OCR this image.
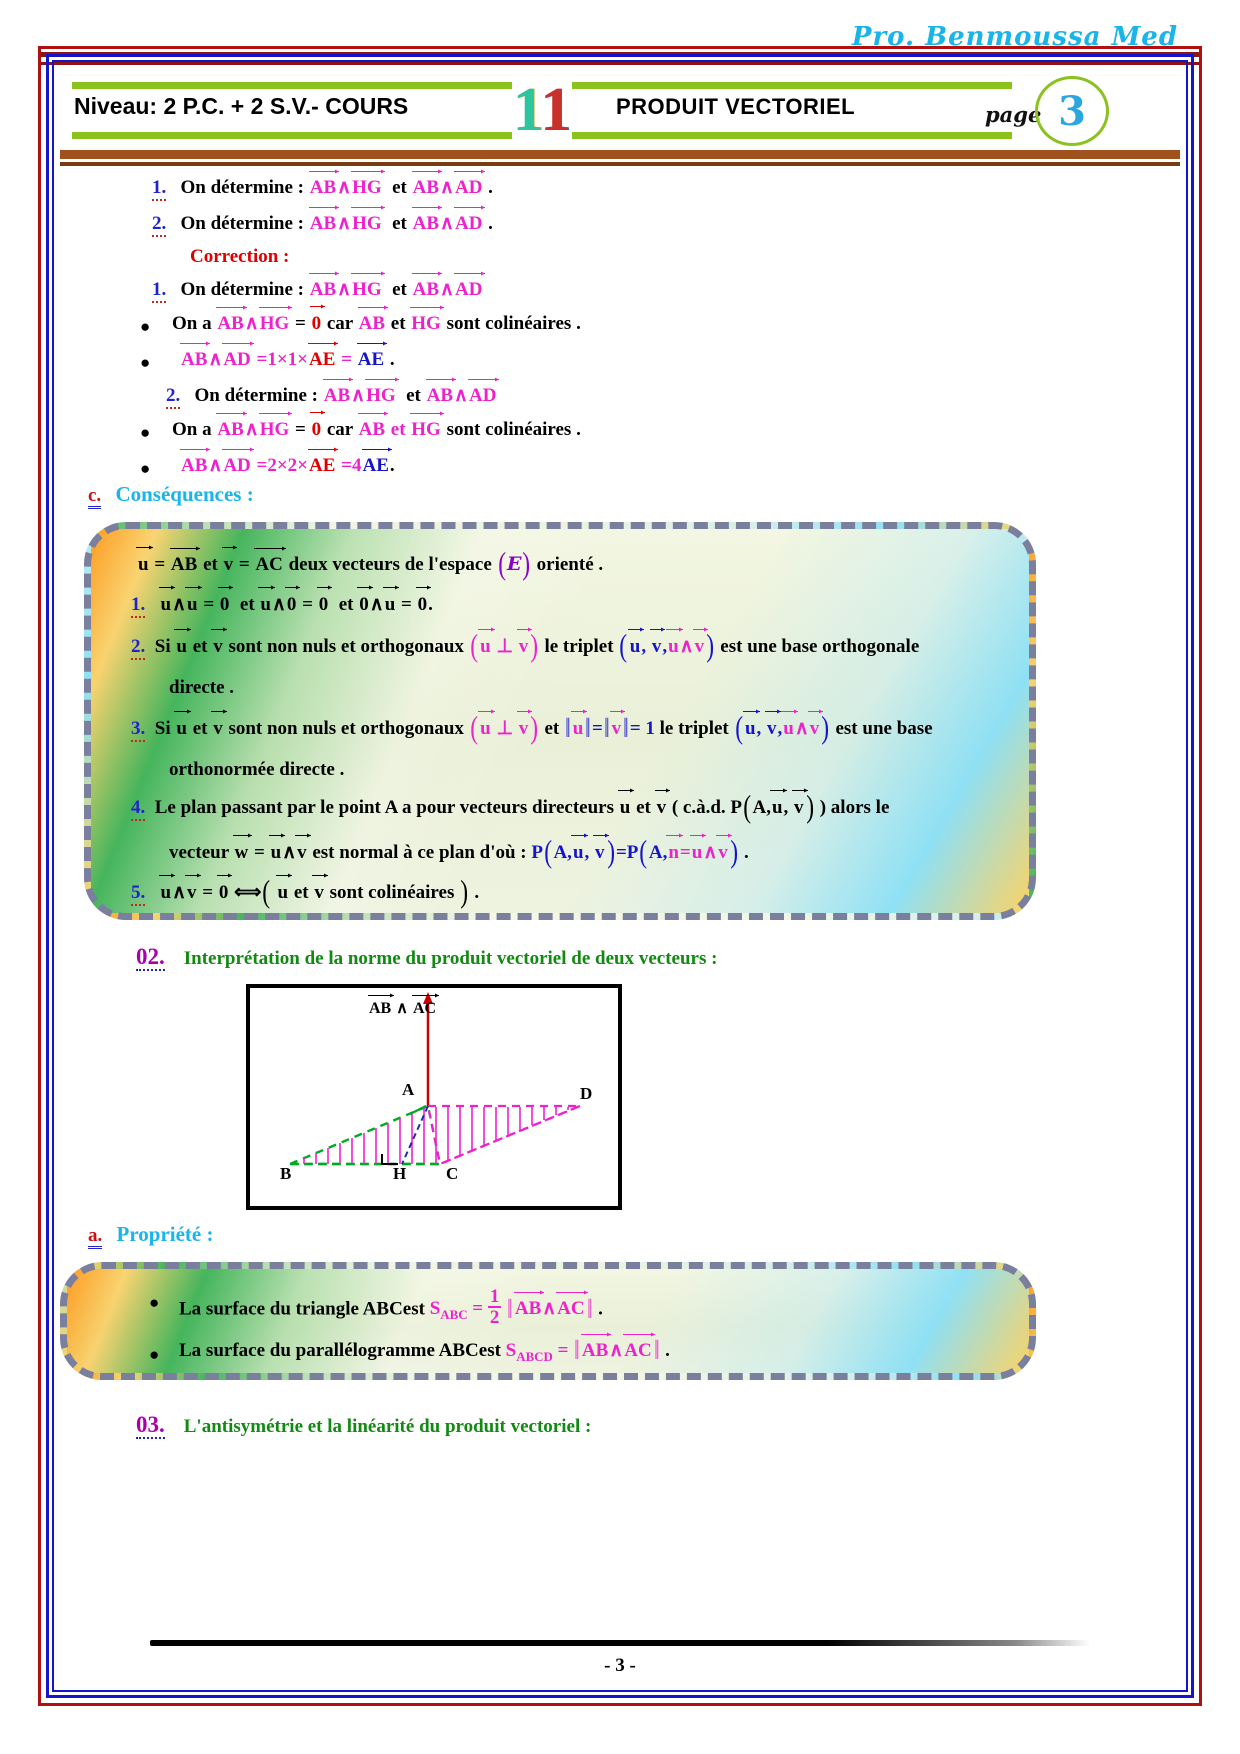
Pro. Benmoussa Med
Niveau: 2 P.C. + 2 S.V.- COURS 11 PRODUIT VECTORIEL	page 3
1. On détermine : AB∧HG et AB∧AD .
2. On détermine : AB∧HG et AB∧AD .
Correction :
1. On détermine : AB∧HG et AB∧AD
● On a AB∧HG = 0 car AB et HG sont colinéaires .
● AB∧AD =1×1×AE = AE .
2. On détermine : AB∧HG et AB∧AD
● On a AB∧HG = 0 car AB et HG sont colinéaires .
● AB∧AD =2×2×AE =4AE.
c. Conséquences :
u = AB et v = AC deux vecteurs de l'espace (E) orienté .
1. u∧u = 0 et u∧0 = 0 et 0∧u = 0.
2. Si u et v sont non nuls et orthogonaux ( u ⊥ v) le triplet ( u, v,u∧v) est une base orthogonale
directe .
3. Si u et v sont non nuls et orthogonaux ( u ⊥ v) et ‖ u‖=‖ v‖= 1 le triplet ( u, v,u∧v) est une base
orthonormée directe .
4. Le plan passant par le point A a pour vecteurs directeurs u et v ( c.à.d. P(A,u, v) ) alors le
vecteur w = u∧v est normal à ce plan d'où : P(A,u, v)=P(A,n=u∧v) .
5. u∧v = 0 ⟺( u et v sont colinéaires ) .
02. Interprétation de la norme du produit vectoriel de deux vecteurs :
AB ∧ AC
A
B	C
D
H
a. Propriété :
● La surface du triangle ABCest $S_{ABC} = \frac{1}{2}$ ‖ AB∧AC‖ .
● La surface du parallélogramme ABCest $S_{ABCD}$ = ‖ AB∧AC‖ .
03. L'antisymétrie et la linéarité du produit vectoriel :
- 3 -
